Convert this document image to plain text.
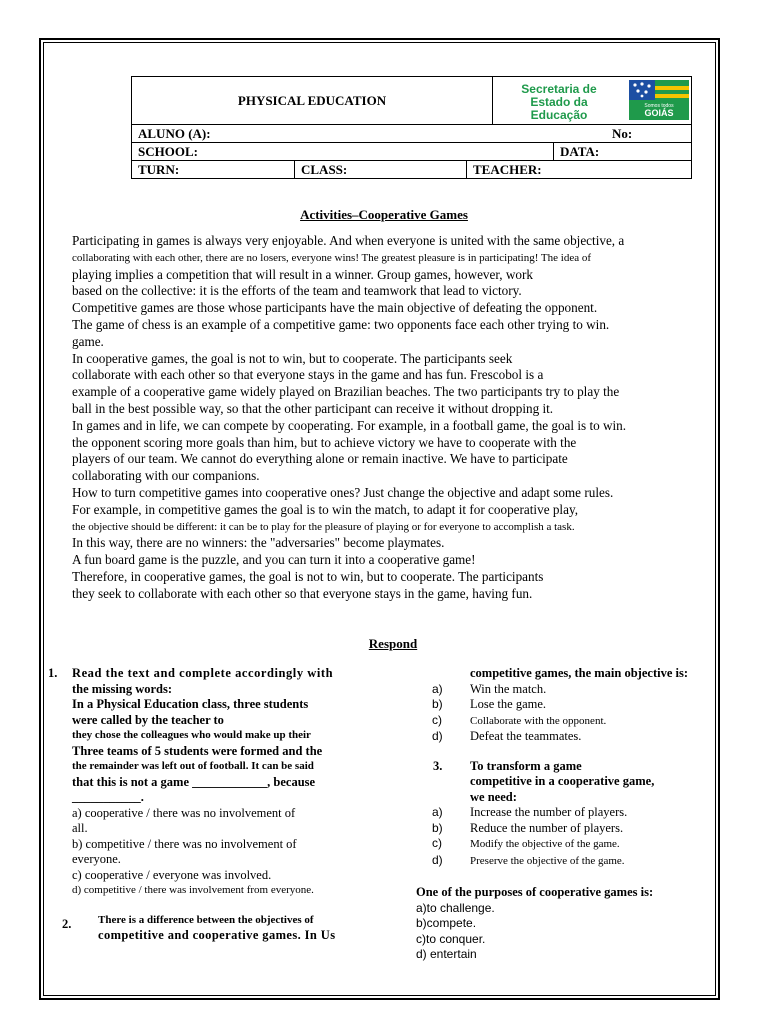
PHYSICAL EDUCATION
Secretaria de
Estado da
Educação
Somos todos
GOIÁS
ALUNO (A):	No:
SCHOOL:	DATA:
TURN:	CLASS:	TEACHER:
Activities–Cooperative Games
Participating in games is always very enjoyable. And when everyone is united with the same objective, a
collaborating with each other, there are no losers, everyone wins! The greatest pleasure is in participating! The idea of
playing implies a competition that will result in a winner. Group games, however, work
based on the collective: it is the efforts of the team and teamwork that lead to victory.
Competitive games are those whose participants have the main objective of defeating the opponent.
The game of chess is an example of a competitive game: two opponents face each other trying to win.
game.
In cooperative games, the goal is not to win, but to cooperate. The participants seek
collaborate with each other so that everyone stays in the game and has fun. Frescobol is a
example of a cooperative game widely played on Brazilian beaches. The two participants try to play the
ball in the best possible way, so that the other participant can receive it without dropping it.
In games and in life, we can compete by cooperating. For example, in a football game, the goal is to win.
the opponent scoring more goals than him, but to achieve victory we have to cooperate with the
players of our team. We cannot do everything alone or remain inactive. We have to participate
collaborating with our companions.
How to turn competitive games into cooperative ones? Just change the objective and adapt some rules.
For example, in competitive games the goal is to win the match, to adapt it for cooperative play,
the objective should be different: it can be to play for the pleasure of playing or for everyone to accomplish a task.
In this way, there are no winners: the "adversaries" become playmates.
A fun board game is the puzzle, and you can turn it into a cooperative game!
Therefore, in cooperative games, the goal is not to win, but to cooperate. The participants
they seek to collaborate with each other so that everyone stays in the game, having fun.
Respond
1. Read the text and complete accordingly with
the missing words:
In a Physical Education class, three students
were called by the teacher to
they chose the colleagues who would make up their
Three teams of 5 students were formed and the
the remainder was left out of football. It can be said
that this is not a game ____________, because
___________.
a) cooperative / there was no involvement of
all.
b) competitive / there was no involvement of
everyone.
c) cooperative / everyone was involved.
d) competitive / there was involvement from everyone.
2. There is a difference between the objectives of
competitive and cooperative games. In Us
competitive games, the main objective is:
a) Win the match.
b) Lose the game.
c)	Collaborate with the opponent.
d) Defeat the teammates.
3. To transform a game
competitive in a cooperative game,
we need:
a) Increase the number of players.
b) Reduce the number of players.
c)	Modify the objective of the game.
d) Preserve the objective of the game.
One of the purposes of cooperative games is:
a)to challenge.
b)compete.
c)to conquer.
d) entertain
